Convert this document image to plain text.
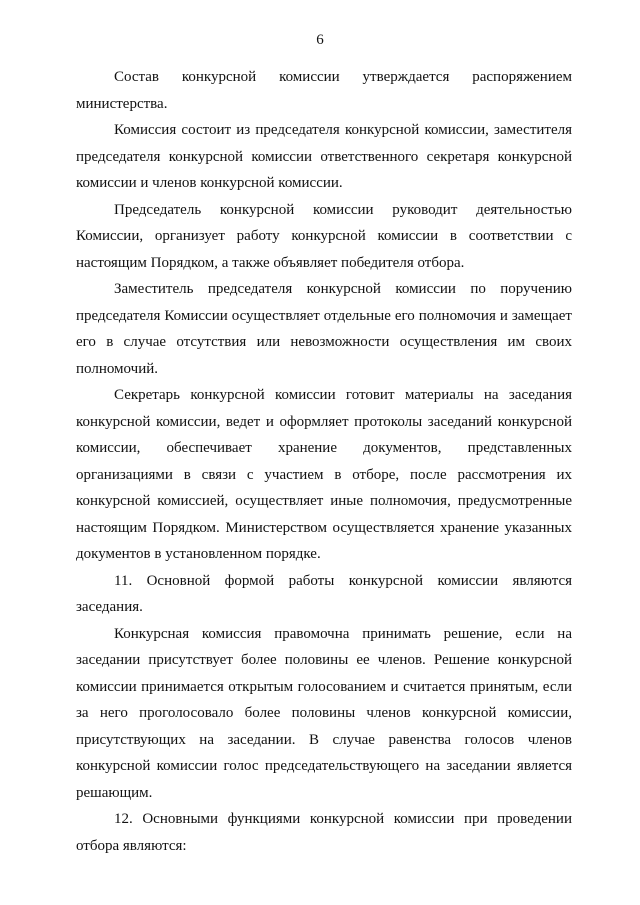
6

Состав конкурсной комиссии утверждается распоряжением министерства.

Комиссия состоит из председателя конкурсной комиссии, заместителя председателя конкурсной комиссии ответственного секретаря конкурсной комиссии и членов конкурсной комиссии.

Председатель конкурсной комиссии руководит деятельностью Комиссии, организует работу конкурсной комиссии в соответствии с настоящим Порядком, а также объявляет победителя отбора.

Заместитель председателя конкурсной комиссии по поручению председателя Комиссии осуществляет отдельные его полномочия и замещает его в случае отсутствия или невозможности осуществления им своих полномочий.

Секретарь конкурсной комиссии готовит материалы на заседания конкурсной комиссии, ведет и оформляет протоколы заседаний конкурсной комиссии, обеспечивает хранение документов, представленных организациями в связи с участием в отборе, после рассмотрения их конкурсной комиссией, осуществляет иные полномочия, предусмотренные настоящим Порядком. Министерством осуществляется хранение указанных документов в установленном порядке.

11. Основной формой работы конкурсной комиссии являются заседания.

Конкурсная комиссия правомочна принимать решение, если на заседании присутствует более половины ее членов. Решение конкурсной комиссии принимается открытым голосованием и считается принятым, если за него проголосовало более половины членов конкурсной комиссии, присутствующих на заседании. В случае равенства голосов членов конкурсной комиссии голос председательствующего на заседании является решающим.

12. Основными функциями конкурсной комиссии при проведении отбора являются:
